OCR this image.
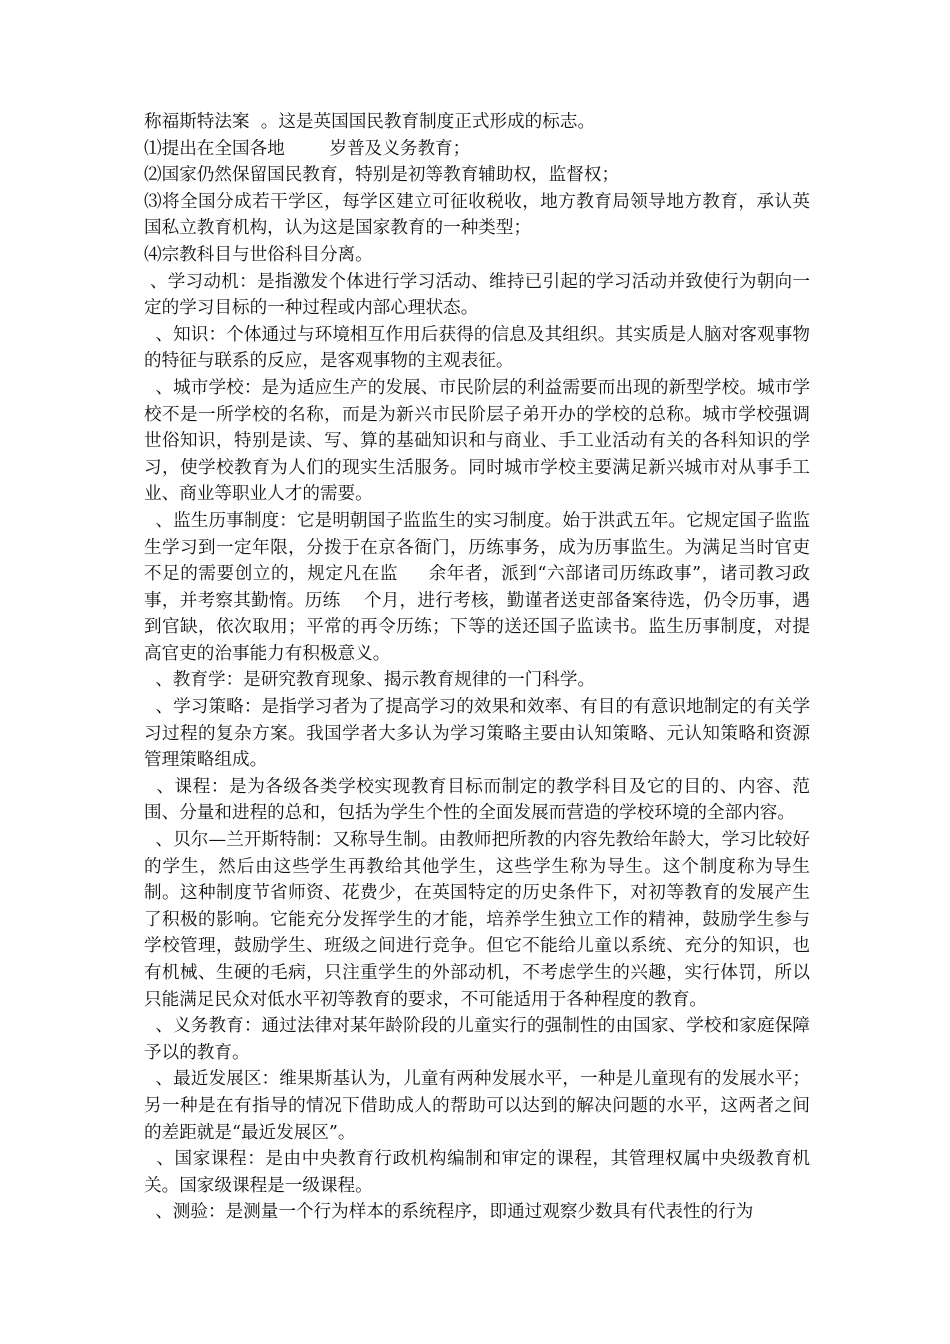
称福斯特法案  。这是英国国民教育制度正式形成的标志。

⑴提出在全国各地        岁普及义务教育；

⑵国家仍然保留国民教育，特别是初等教育辅助权，监督权；

⑶将全国分成若干学区，每学区建立可征收税收，地方教育局领导地方教育，承认英国私立教育机构，认为这是国家教育的一种类型；

⑷宗教科目与世俗科目分离。

、学习动机：是指激发个体进行学习活动、维持已引起的学习活动并致使行为朝向一定的学习目标的一种过程或内部心理状态。

、知识：个体通过与环境相互作用后获得的信息及其组织。其实质是人脑对客观事物的特征与联系的反应，是客观事物的主观表征。

、城市学校：是为适应生产的发展、市民阶层的利益需要而出现的新型学校。城市学校不是一所学校的名称，而是为新兴市民阶层子弟开办的学校的总称。城市学校强调世俗知识，特别是读、写、算的基础知识和与商业、手工业活动有关的各科知识的学习，使学校教育为人们的现实生活服务。同时城市学校主要满足新兴城市对从事手工业、商业等职业人才的需要。

、监生历事制度：它是明朝国子监监生的实习制度。始于洪武五年。它规定国子监监生学习到一定年限，分拨于在京各衙门，历练事务，成为历事监生。为满足当时官吏不足的需要创立的，规定凡在监     余年者，派到“六部诸司历练政事”，诸司教习政事，并考察其勤惰。历练    个月，进行考核，勤谨者送吏部备案待选，仍令历事，遇到官缺，依次取用；平常的再令历练；下等的送还国子监读书。监生历事制度，对提高官吏的治事能力有积极意义。

、教育学：是研究教育现象、揭示教育规律的一门科学。

、学习策略：是指学习者为了提高学习的效果和效率、有目的有意识地制定的有关学习过程的复杂方案。我国学者大多认为学习策略主要由认知策略、元认知策略和资源管理策略组成。

、课程：是为各级各类学校实现教育目标而制定的教学科目及它的目的、内容、范围、分量和进程的总和，包括为学生个性的全面发展而营造的学校环境的全部内容。

、贝尔—兰开斯特制：又称导生制。由教师把所教的内容先教给年龄大，学习比较好的学生，然后由这些学生再教给其他学生，这些学生称为导生。这个制度称为导生制。这种制度节省师资、花费少，在英国特定的历史条件下，对初等教育的发展产生了积极的影响。它能充分发挥学生的才能，培养学生独立工作的精神，鼓励学生参与学校管理，鼓励学生、班级之间进行竞争。但它不能给儿童以系统、充分的知识，也有机械、生硬的毛病，只注重学生的外部动机，不考虑学生的兴趣，实行体罚，所以只能满足民众对低水平初等教育的要求，不可能适用于各种程度的教育。

、义务教育：通过法律对某年龄阶段的儿童实行的强制性的由国家、学校和家庭保障予以的教育。

、最近发展区：维果斯基认为，儿童有两种发展水平，一种是儿童现有的发展水平；另一种是在有指导的情况下借助成人的帮助可以达到的解决问题的水平，这两者之间的差距就是“最近发展区”。

、国家课程：是由中央教育行政机构编制和审定的课程，其管理权属中央级教育机关。国家级课程是一级课程。

、测验：是测量一个行为样本的系统程序，即通过观察少数具有代表性的行为
